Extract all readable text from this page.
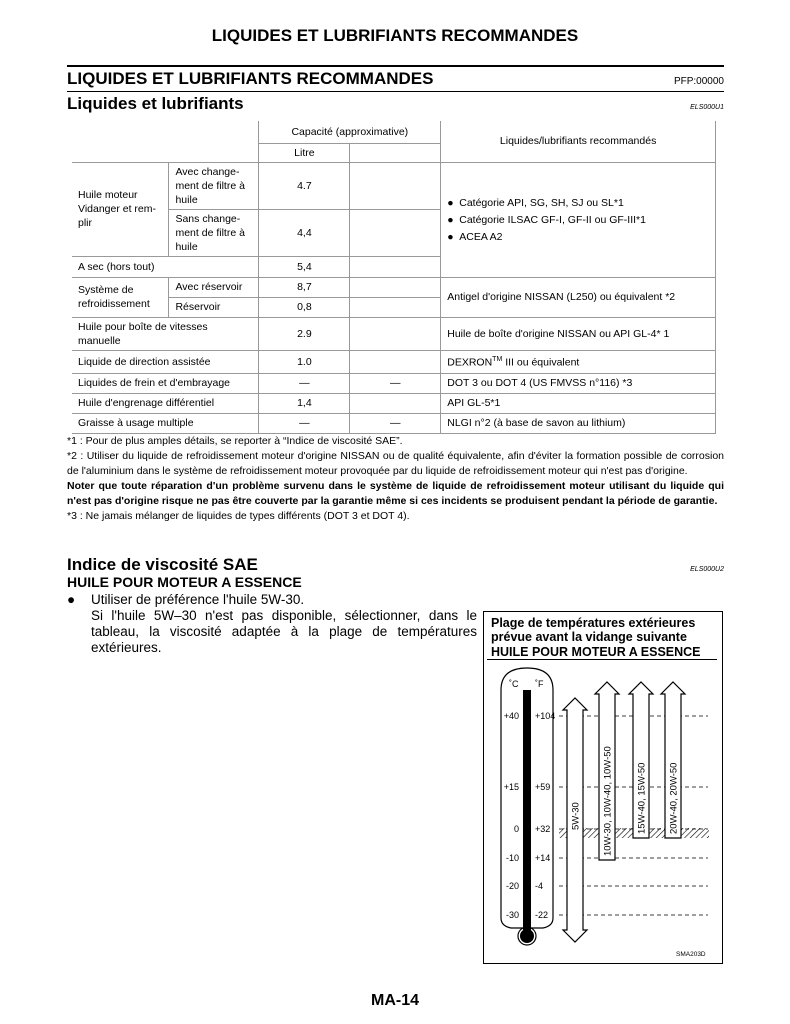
LIQUIDES ET LUBRIFIANTS RECOMMANDES
LIQUIDES ET LUBRIFIANTS RECOMMANDES	PFP:00000
Liquides et lubrifiants	ELS000U1
		Capacité (approximative)		Liquides/lubrifiants recommandés
		Litre		
Huile moteur Vidanger et rem-plir	Avec change-ment de filtre à huile	4.7		● Catégorie API, SG, SH, SJ ou SL*1
● Catégorie ILSAC GF-I, GF-II ou GF-III*1
● ACEA A2

	Sans change-ment de filtre à huile	4,4		
A sec (hors tout)		5,4		
Système de refroidissement	Avec réservoir	8,7		Antigel d'origine NISSAN (L250) ou équivalent *2
	Réservoir	0,8		
Huile pour boîte de vitesses manuelle		2.9		Huile de boîte d'origine NISSAN ou API GL-4* 1
Liquide de direction assistée		1.0		DEXRON™ III ou équivalent
Liquides de frein et d'embrayage		—	—	DOT 3 ou DOT 4 (US FMVSS n°116) *3
Huile d'engrenage différentiel		1,4		API GL-5*1
Graisse à usage multiple		—	—	NLGI n°2 (à base de savon au lithium)

*1 : Pour de plus amples détails, se reporter à “Indice de viscosité SAE”.

*2 : Utiliser du liquide de refroidissement moteur d'origine NISSAN ou de qualité équivalente, afin d'éviter la formation possible de corrosion de l'aluminium dans le système de refroidissement moteur provoquée par du liquide de refroidissement moteur qui n'est pas d'origine.

Noter que toute réparation d'un problème survenu dans le système de liquide de refroidissement moteur utilisant du liquide qui n'est pas d'origine risque ne pas être couverte par la garantie même si ces incidents se produisent pendant la période de garantie.

*3 : Ne jamais mélanger de liquides de types différents (DOT 3 et DOT 4).

Indice de viscosité SAE	ELS000U2
HUILE POUR MOTEUR A ESSENCE
●	Utiliser de préférence l'huile 5W-30.
Si l'huile 5W–30 n'est pas disponible, sélectionner, dans le tableau, la viscosité adaptée à la plage de températures extérieures.
Plage de températures extérieures prévue avant la vidange suivante
HUILE POUR MOTEUR A ESSENCE
˚C ˚F
+40 +104
+15 +59
0 +32
-10 +14
-20 -4
-30 -22
5W-30 10W-30, 10W-40, 10W-50 15W-40, 15W-50 20W-40, 20W-50
SMA203D
MA-14
